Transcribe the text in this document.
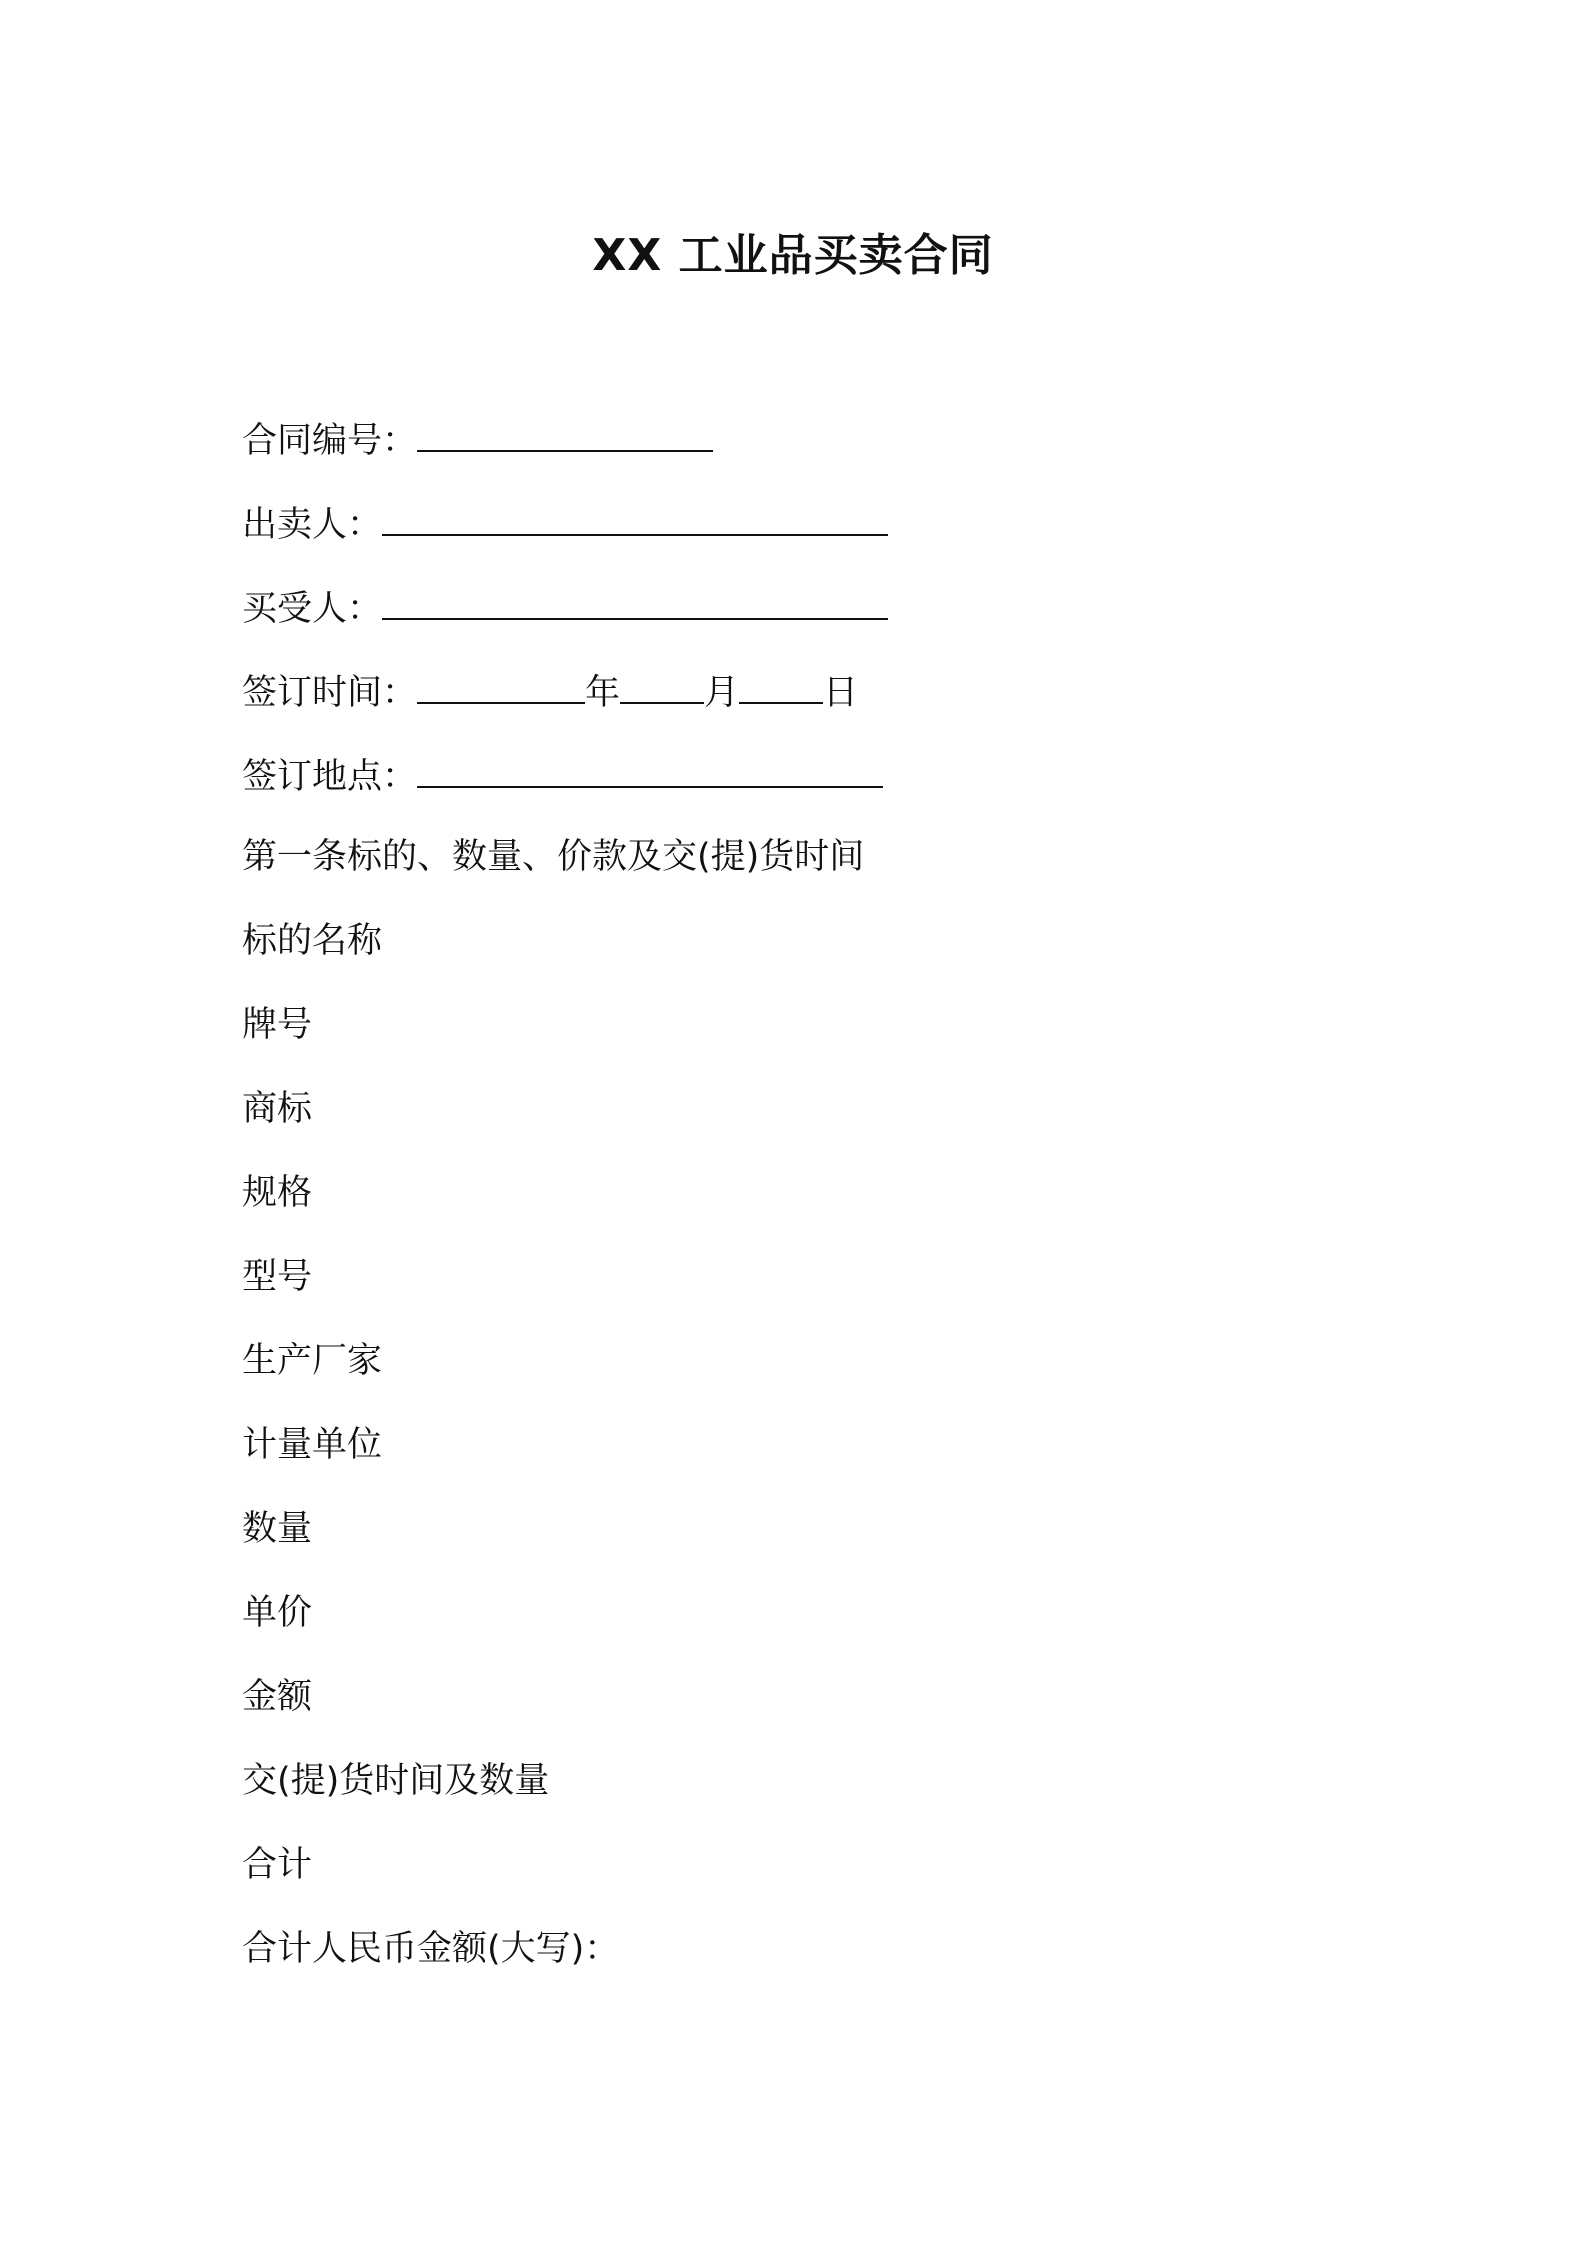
XX 工业品买卖合同
合同编号：
出卖人：
买受人：
签订时间：	年 月 日
签订地点：
第一条标的、数量、价款及交(提)货时间
标的名称
牌号
商标
规格
型号
生产厂家
计量单位
数量
单价
金额
交(提)货时间及数量
合计
合计人民币金额(大写)：
